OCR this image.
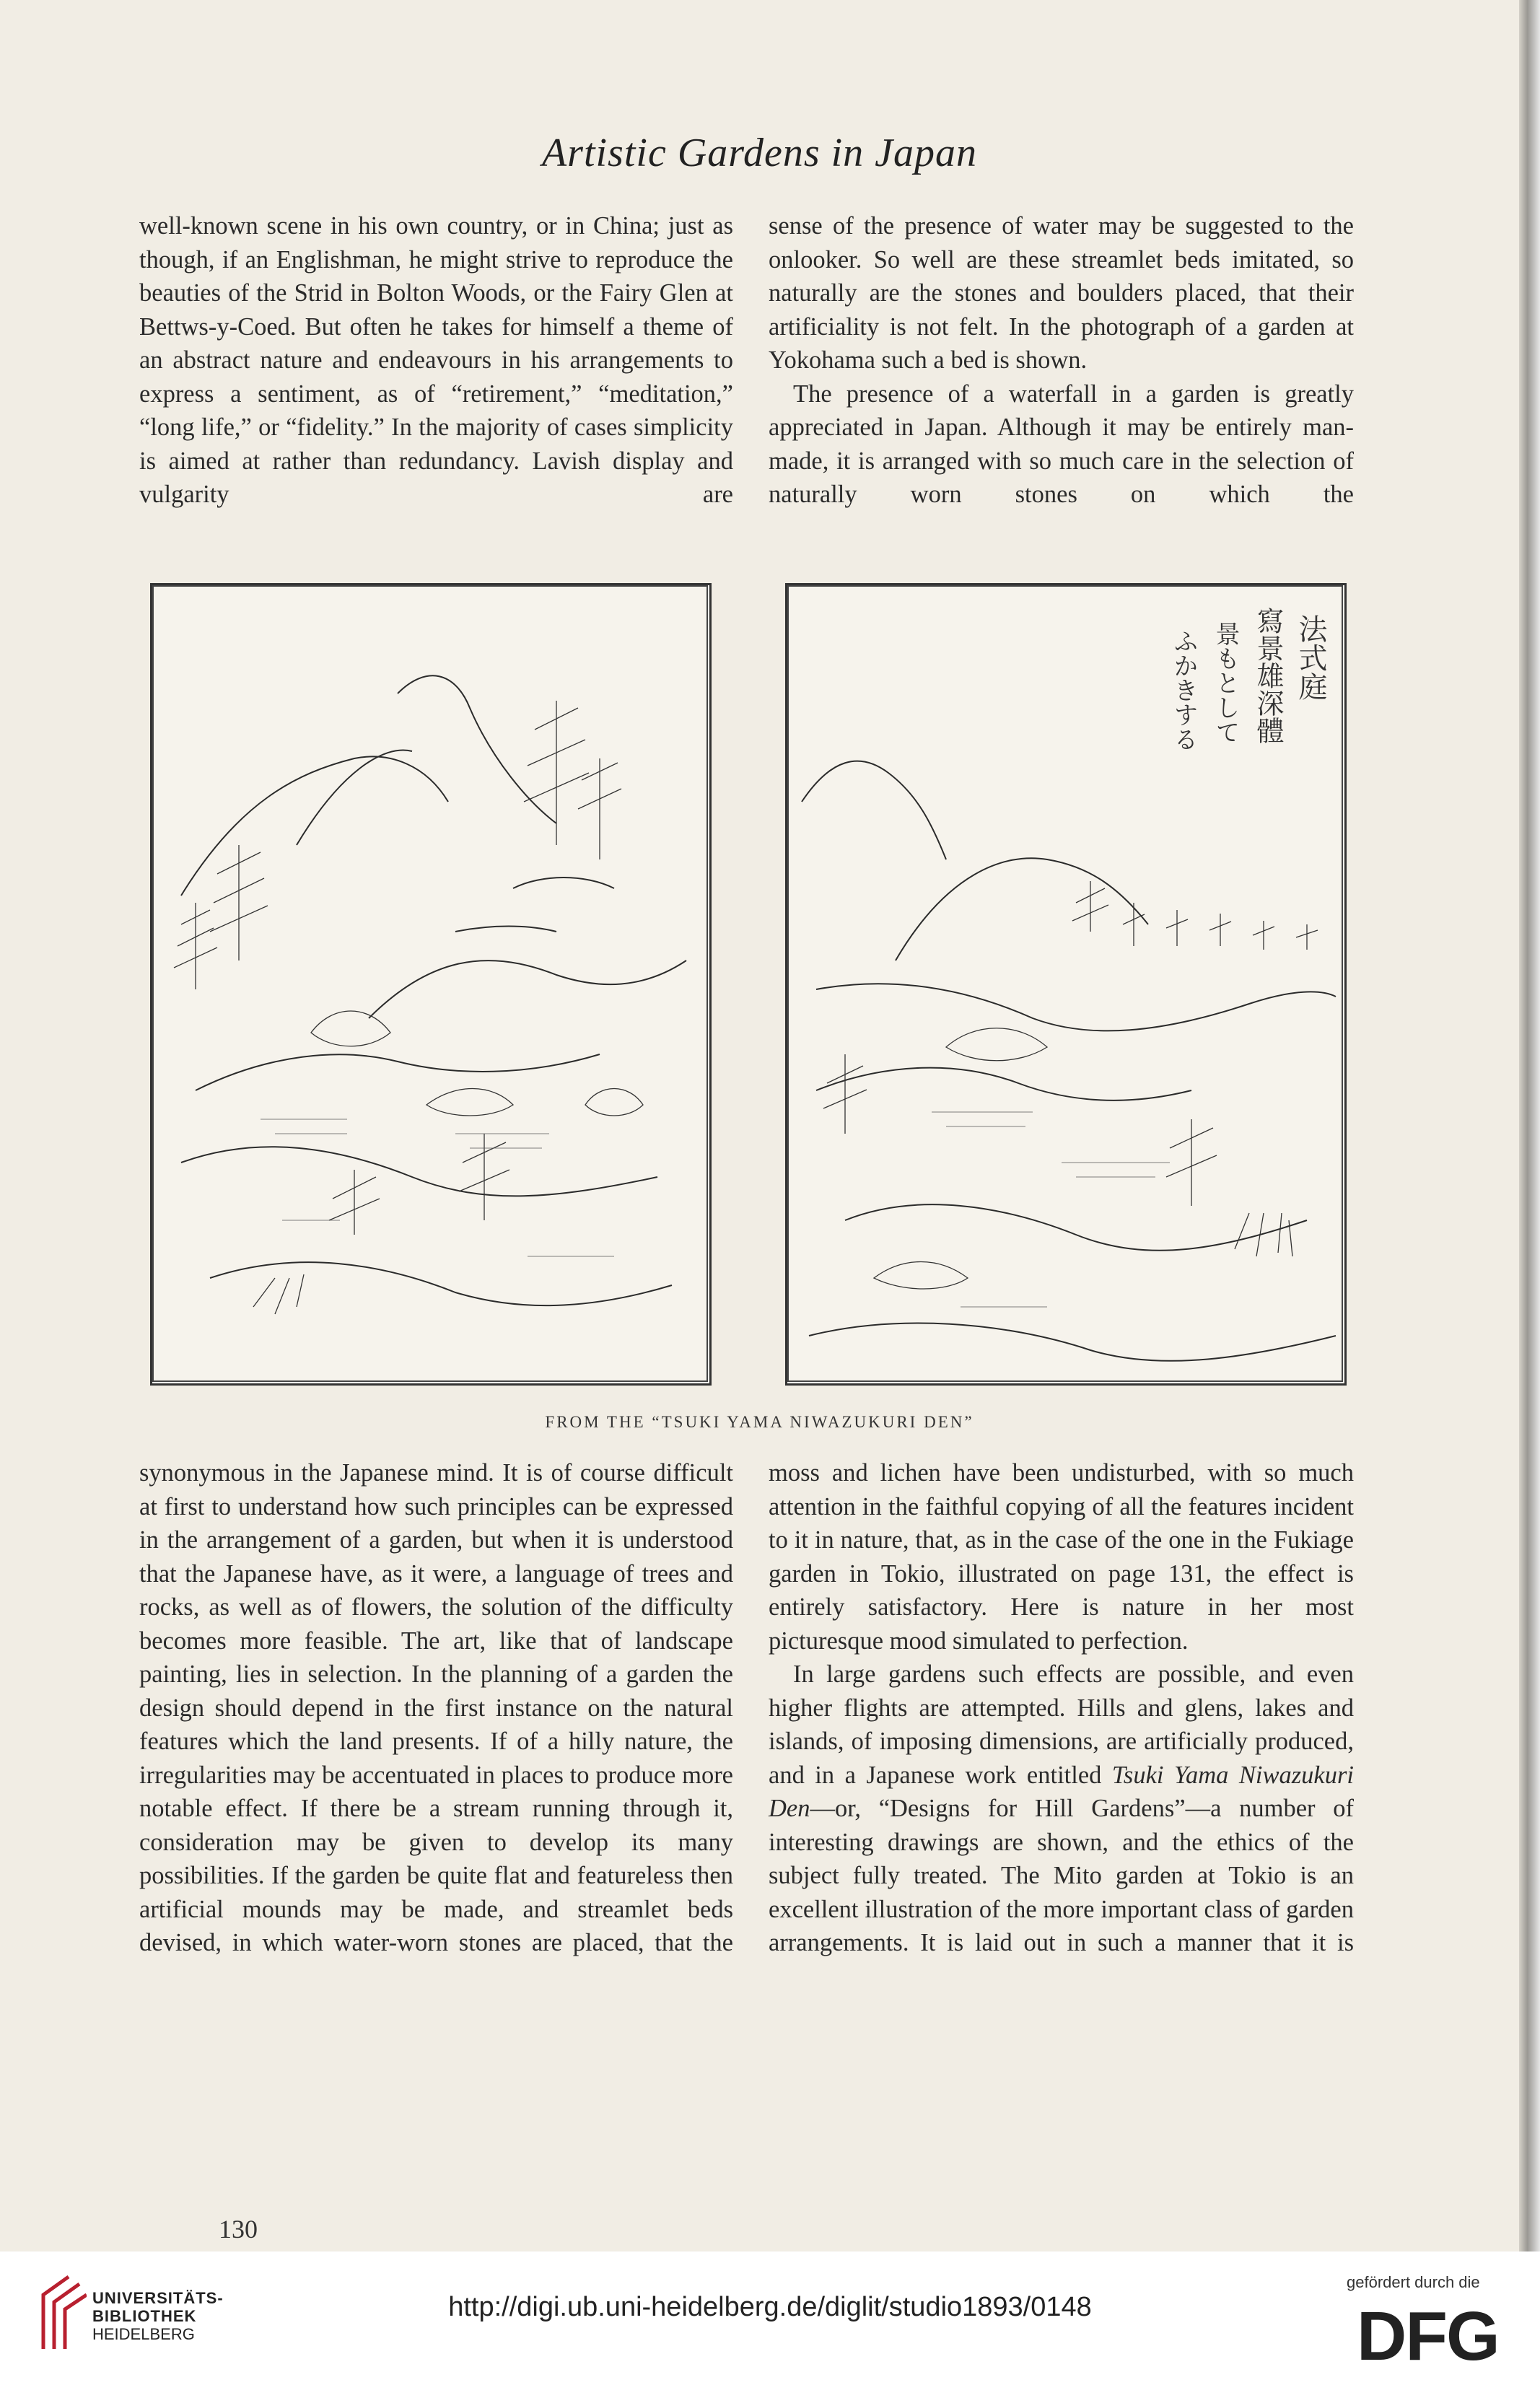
Artistic Gardens in Japan

well-known scene in his own country, or in China; just as though, if an Englishman, he might strive to reproduce the beauties of the Strid in Bolton Woods, or the Fairy Glen at Bettws-y-Coed. But often he takes for himself a theme of an abstract nature and endeavours in his arrangements to express a sentiment, as of “retirement,” “meditation,” “long life,” or “fidelity.” In the majority of cases simplicity is aimed at rather than redundancy. Lavish display and vulgarity are

sense of the presence of water may be suggested to the onlooker. So well are these streamlet beds imitated, so naturally are the stones and boulders placed, that their artificiality is not felt. In the photograph of a garden at Yokohama such a bed is shown.

The presence of a waterfall in a garden is greatly appreciated in Japan. Although it may be entirely man-made, it is arranged with so much care in the selection of naturally worn stones on which the

法式庭
寫景雄深體
景もとして
ふかきする
FROM THE “TSUKI YAMA NIWAZUKURI DEN”

synonymous in the Japanese mind. It is of course difficult at first to understand how such principles can be expressed in the arrangement of a garden, but when it is understood that the Japanese have, as it were, a language of trees and rocks, as well as of flowers, the solution of the difficulty becomes more feasible. The art, like that of landscape painting, lies in selection. In the planning of a garden the design should depend in the first instance on the natural features which the land presents. If of a hilly nature, the irregularities may be accentuated in places to produce more notable effect. If there be a stream running through it, consideration may be given to develop its many possibilities. If the garden be quite flat and featureless then artificial mounds may be made, and streamlet beds devised, in which water-worn stones are placed, that the

moss and lichen have been undisturbed, with so much attention in the faithful copying of all the features incident to it in nature, that, as in the case of the one in the Fukiage garden in Tokio, illustrated on page 131, the effect is entirely satisfactory. Here is nature in her most picturesque mood simulated to perfection.

In large gardens such effects are possible, and even higher flights are attempted. Hills and glens, lakes and islands, of imposing dimensions, are artificially produced, and in a Japanese work entitled Tsuki Yama Niwazukuri Den—or, “Designs for Hill Gardens”—a number of interesting drawings are shown, and the ethics of the subject fully treated. The Mito garden at Tokio is an excellent illustration of the more important class of garden arrangements. It is laid out in such a manner that it is

130
UNIVERSITÄTS-
BIBLIOTHEK
HEIDELBERG
http://digi.ub.uni-heidelberg.de/diglit/studio1893/0148
gefördert durch die
DFG
